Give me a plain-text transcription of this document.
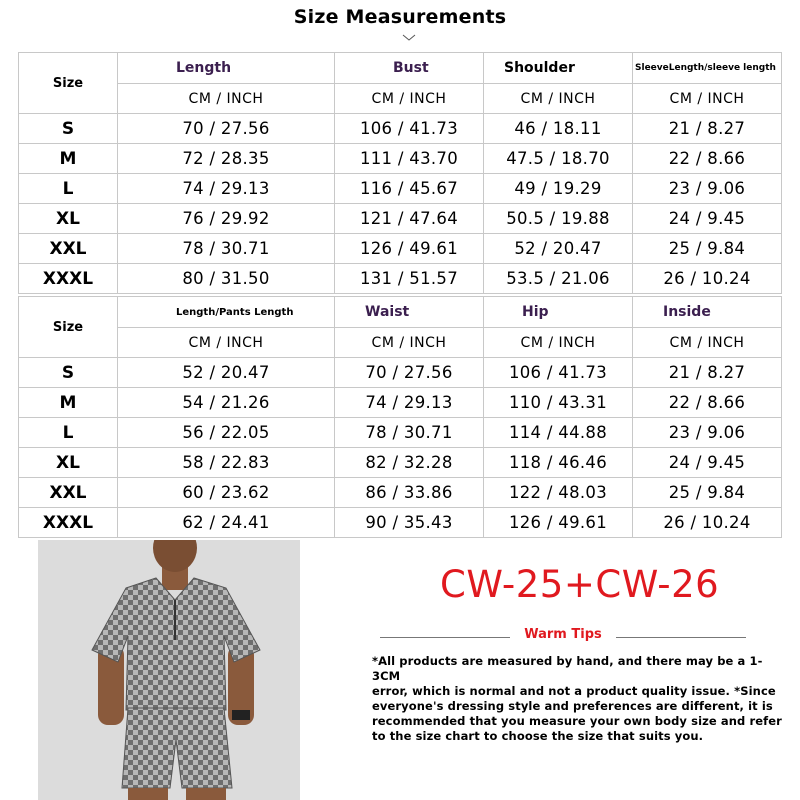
Size Measurements
Size	Length	Bust	Shoulder	SleeveLength/sleeve length
	CM / INCH	CM / INCH	CM / INCH	CM / INCH
S	70 / 27.56	106 / 41.73	46 / 18.11	21 / 8.27
M	72 / 28.35	111 / 43.70	47.5 / 18.70	22 / 8.66
L	74 / 29.13	116 / 45.67	49 / 19.29	23 / 9.06
XL	76 / 29.92	121 / 47.64	50.5 / 19.88	24 / 9.45
XXL	78 / 30.71	126 / 49.61	52 / 20.47	25 / 9.84
XXXL	80 / 31.50	131 / 51.57	53.5 / 21.06	26 / 10.24
Size	Length/Pants Length	Waist	Hip	Inside
	CM / INCH	CM / INCH	CM / INCH	CM / INCH
S	52 / 20.47	70 / 27.56	106 / 41.73	21 / 8.27
M	54 / 21.26	74 / 29.13	110 / 43.31	22 / 8.66
L	56 / 22.05	78 / 30.71	114 / 44.88	23 / 9.06
XL	58 / 22.83	82 / 32.28	118 / 46.46	24 / 9.45
XXL	60 / 23.62	86 / 33.86	122 / 48.03	25 / 9.84
XXXL	62 / 24.41	90 / 35.43	126 / 49.61	26 / 10.24
CW-25+CW-26
Warm Tips
*All products are measured by hand, and there may be a 1-3CM
error, which is normal and not a product quality issue. *Since
everyone's dressing style and preferences are different, it is
recommended that you measure your own body size and refer
to the size chart to choose the size that suits you.
